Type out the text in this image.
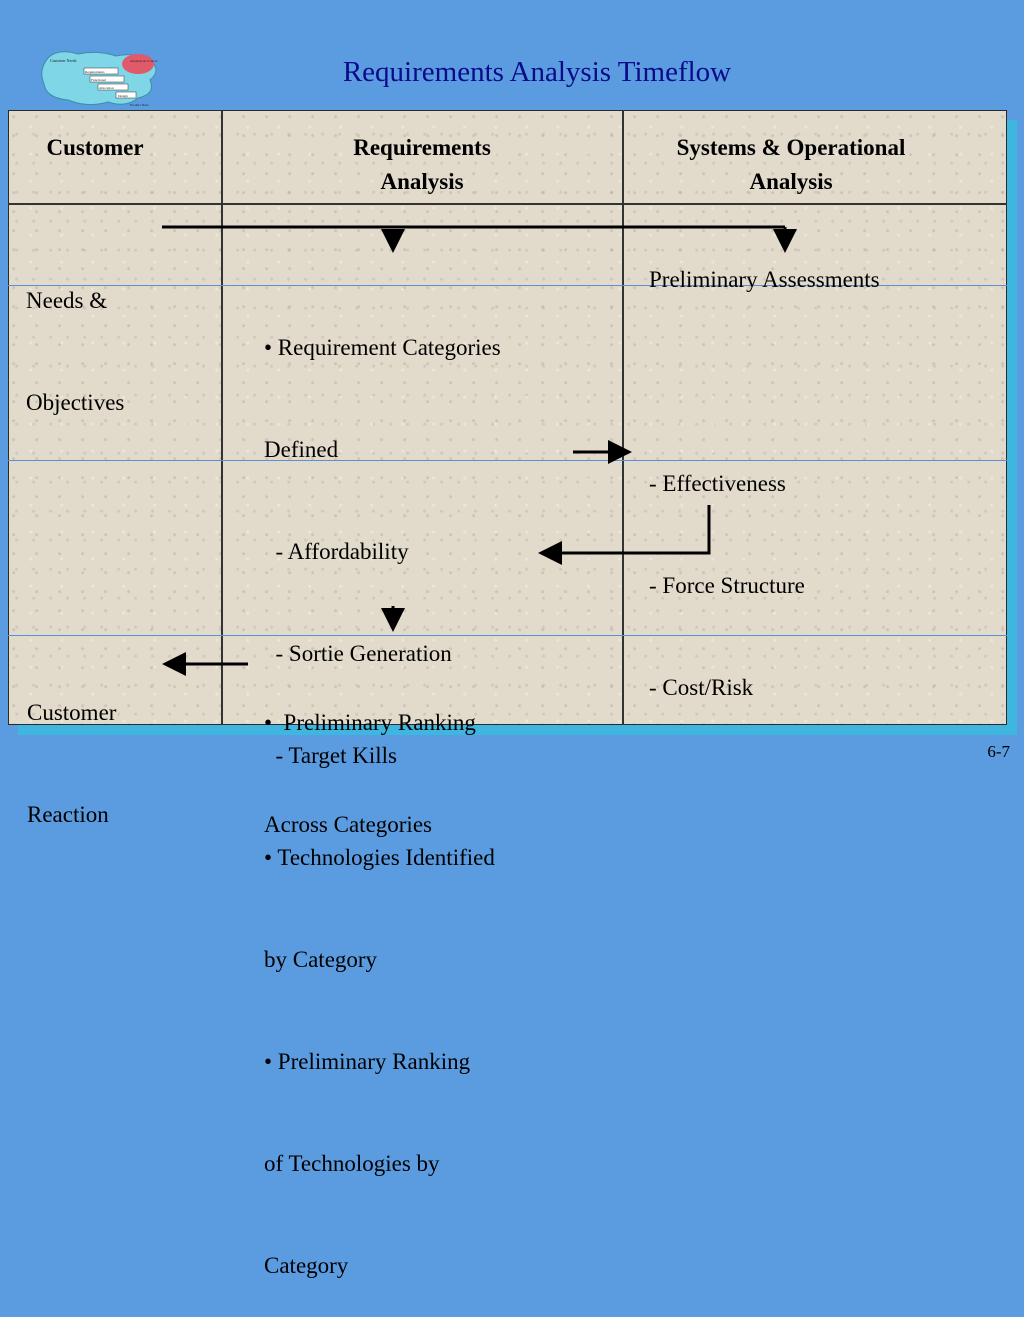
Customer Needs	Analysis & Control
Requirements
Functional
Allocation
Design
Product Data
Requirements Analysis Timeflow
Customer	Requirements
Analysis
Systems & Operational
Analysis

Needs &

Objectives

Customer

Reaction

• Requirement Categories

Defined

- Affordability

- Sortie Generation

- Target Kills

• Technologies Identified

by Category

• Preliminary Ranking

of Technologies by

Category

•  Preliminary Ranking

Across Categories

Preliminary Assessments

- Effectiveness

- Force Structure

- Cost/Risk

6-7
